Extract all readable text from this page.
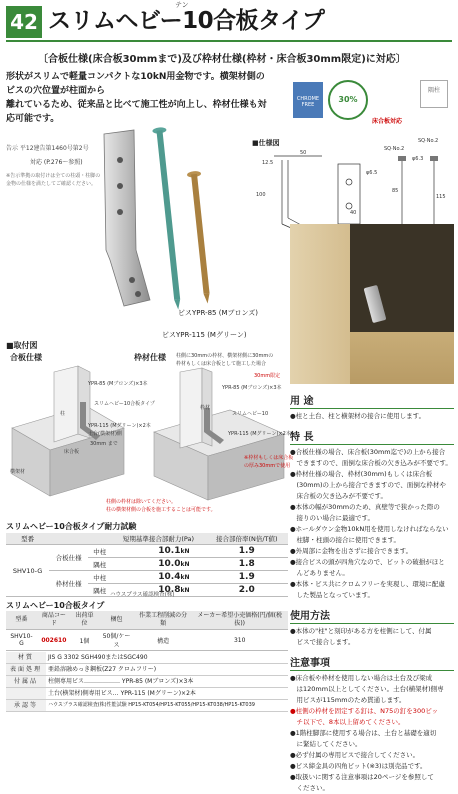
42
テン
スリムヘビー10合板タイプ
〔合板仕様(床合板30mmまで)及び枠材仕様(枠材・床合板30mm限定)に対応〕
形状がスリムで軽量コンパクトな10kN用金物です。横架材側のビスの穴位置が柱面から
離れているため、従来品と比べて施工性が向上し、枠材仕様も対応可能です。
CHROME FREE
30%
床合板対応
隅柱
告示 平12建告第1460号第2号
対応 (P.276〜参照)
※告示準拠の取付けは全ての柱頭・柱脚の
金物の仕様を満たしてご確認ください。
ビスYPR-85 (Mブロンズ)
ビスYPR-115 (Mグリーン)
■仕様図
50
12.5
100
40
85
115
φ6.5
φ6.3
SQ·No.2
SQ·No.2
■取付図
合板仕様	枠材仕様 柱側に30mmの枠材、横架材側に30mmの
枠材もしくは床合板として施工した場合
YPR-85 (Mブロンズ)×3本
スリムヘビー10合板タイプ
YPR-115 (Mグリーン)×2本
土台(横架材)側
30mm まで
柱
床合板
横架材
柱側の枠材は除いてください。
柱の横架材側の合板を施工することは可能です。
30mm限定
YPR-85 (Mブロンズ)×3本
スリムヘビー10
YPR-115 (Mグリーン)×2本
枠材
※枠材もしくは床合板
の厚み30mmで使用
スリムヘビー10合板タイプ耐力試験
型番			短期基準接合部耐力(Pa)	接合部倍率(N倍/T値)
SHV10-G	合板仕様	中柱	10.1kN	1.9
		隅柱	10.0kN	1.8
	枠材仕様	中柱	10.4kN	1.9
		隅柱	10.8kN	2.0
ハウスプラス確認検査(株)
スリムヘビー10合板タイプ
型番	商品コード	出荷単位	梱包	作業工程削減の分類	メーカー希望小売価格(円/個(税抜))
SHV10-G	002610	1個	50個/ケース	構造	310
材質	JIS G 3302 SGH490またはSGC490
表面処理	亜鉛溶融めっき鋼板(Z27 クロムフリー)
付属品	柱側専用ビス……………… YPR-85 (Mブロンズ)×3本
	土台(横架材)側専用ビス… YPR-115 (Mグリーン)×2本
承認等	ハウスプラス確認検査(株)性能試験 HP15-KT054/HP15-KT055/HP15-KT038/HP15-KT039
用 途
●柱と土台、柱と横架材の接合に使用します。
特 長
●合板仕様の場合、床合板(30mm迄で)の上から接合
　できますので、面倒な床合板の欠き込みが不要です。
●枠材仕様の場合、枠材(30mm)もしくは床合板
　(30mm)の上から接合できますので、面倒な枠材や
　床合板の欠き込みが不要です。
●本体の幅が30mmのため、真壁等で狭かった際の
　接りのい場合に最適です。
●ホールダウン金物10kN用を使用しなければならない
　柱脚・柱頭の接合に使用できます。
●外周部に金物を出さずに接合できます。
●接合ビスの頭が四角穴なので、ビットの破損がほと
　んどありません。
●本体・ビス共にクロムフリーを実現し、環境に配慮
　した製品となっています。
使用方法
●本体の"柱"と刻印がある方を柱側にして、付属
　ビスで接合します。
注意事項
●床合板や枠材を使用しない場合は土台及び梁成
　は120mm以上としてください。土台(横架材)側専
　用ビスが115mmのため貫通します。
●柱側の枠材を固定する釘は、N75の釘を300ピッ
　チ以下で、8本以上留めてください。
●1階柱脚部に使用する場合は、土台と基礎を適切
　に緊結してください。
●必ず付属の専用ビスで接合してください。
●ビス締金具の四角ビット(※3)は別売品です。
●取扱いに関する注意事項は20ページを参照して
　ください。
